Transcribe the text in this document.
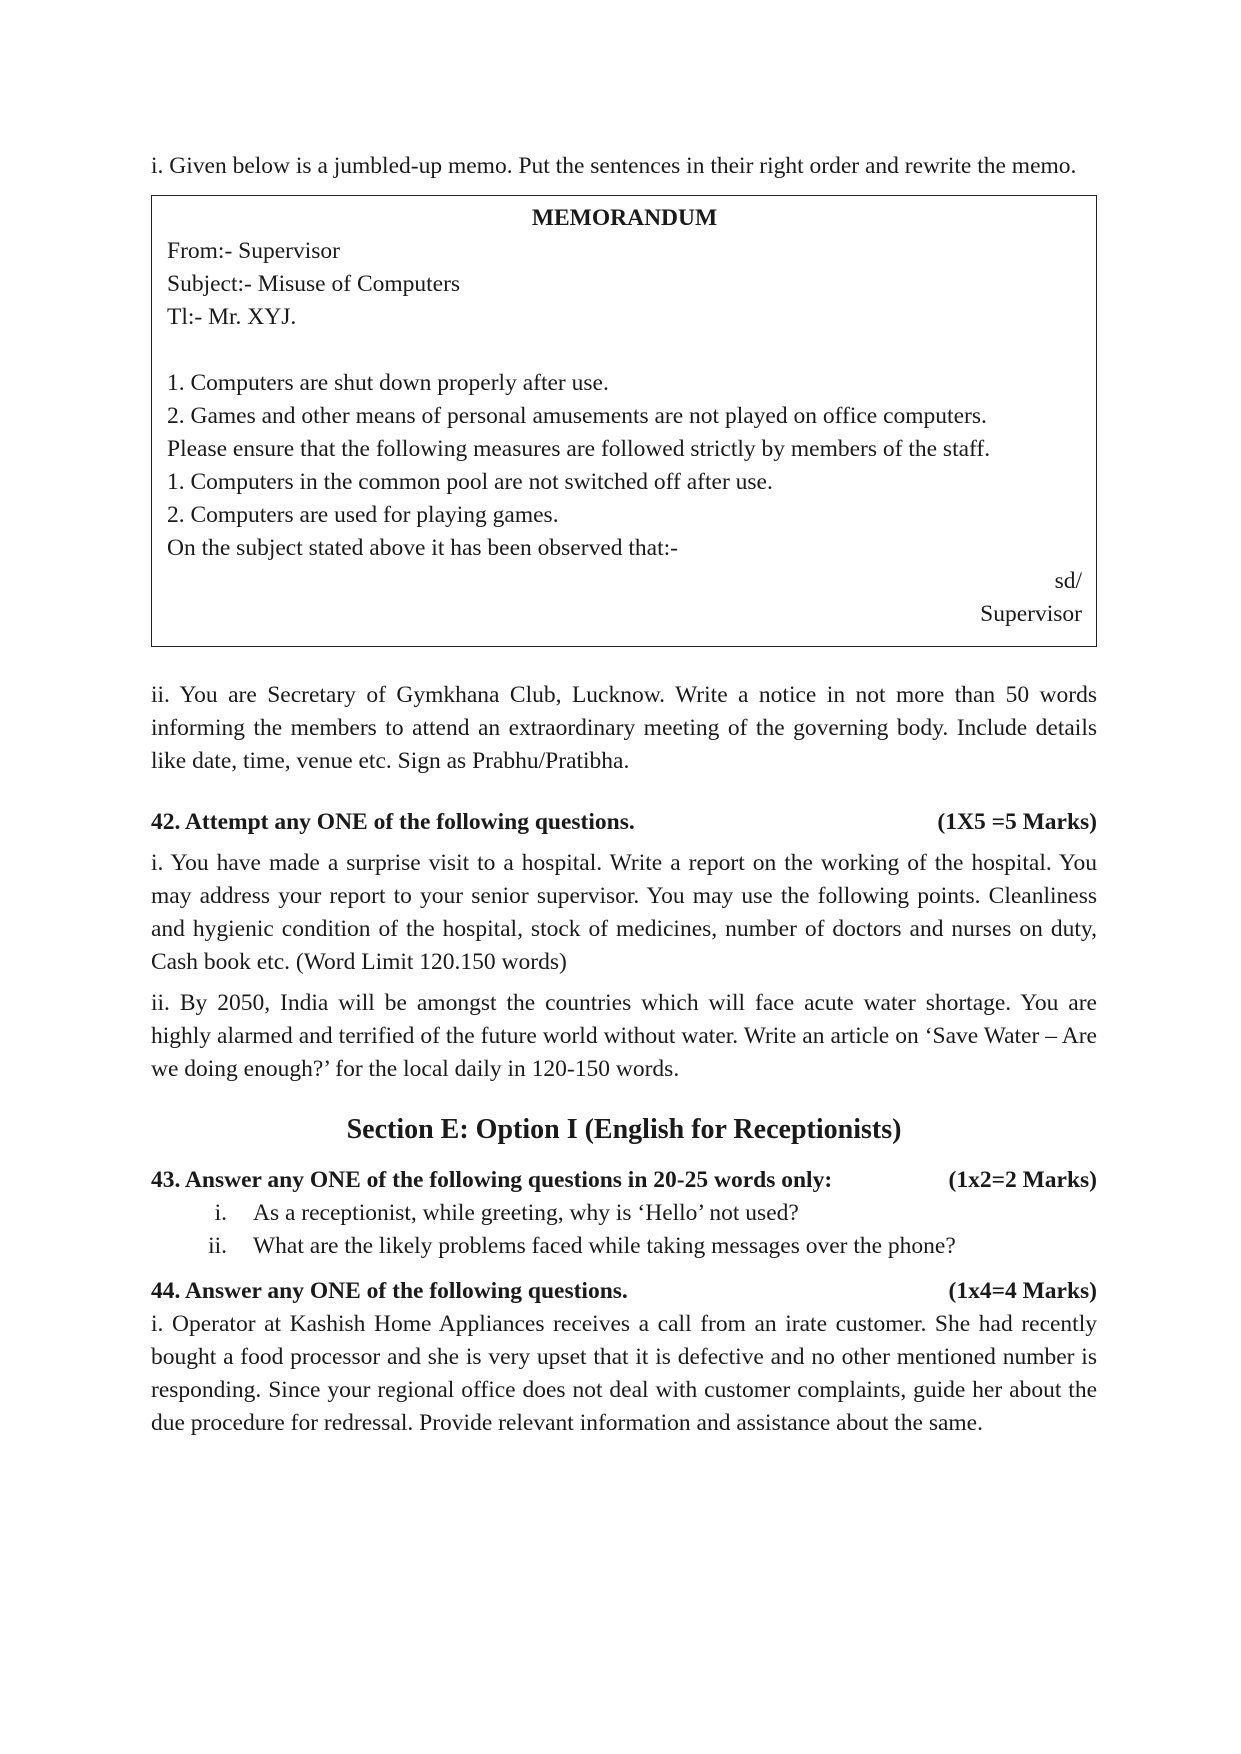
i. Given below is a jumbled-up memo. Put the sentences in their right order and rewrite the memo.

MEMORANDUM

From:- Supervisor

Subject:- Misuse of Computers

Tl:- Mr. XYJ.

1. Computers are shut down properly after use.

2. Games and other means of personal amusements are not played on office computers.

Please ensure that the following measures are followed strictly by members of the staff.

1. Computers in the common pool are not switched off after use.

2. Computers are used for playing games.

On the subject stated above it has been observed that:-

sd/

Supervisor

ii. You are Secretary of Gymkhana Club, Lucknow. Write a notice in not more than 50 words informing the members to attend an extraordinary meeting of the governing body. Include details like date, time, venue etc. Sign as Prabhu/Pratibha.

42. Attempt any ONE of the following questions.	(1X5 =5 Marks)

i. You have made a surprise visit to a hospital. Write a report on the working of the hospital. You may address your report to your senior supervisor. You may use the following points. Cleanliness and hygienic condition of the hospital, stock of medicines, number of doctors and nurses on duty, Cash book etc. (Word Limit 120.150 words)

ii. By 2050, India will be amongst the countries which will face acute water shortage. You are highly alarmed and terrified of the future world without water. Write an article on ‘Save Water – Are we doing enough?’ for the local daily in 120-150 words.

Section E: Option I (English for Receptionists)

43. Answer any ONE of the following questions in 20-25 words only:	(1x2=2 Marks)

i.	As a receptionist, while greeting, why is ‘Hello’ not used?

ii.	What are the likely problems faced while taking messages over the phone?

44. Answer any ONE of the following questions.	(1x4=4 Marks)

i. Operator at Kashish Home Appliances receives a call from an irate customer. She had recently bought a food processor and she is very upset that it is defective and no other mentioned number is responding. Since your regional office does not deal with customer complaints, guide her about the due procedure for redressal. Provide relevant information and assistance about the same.
